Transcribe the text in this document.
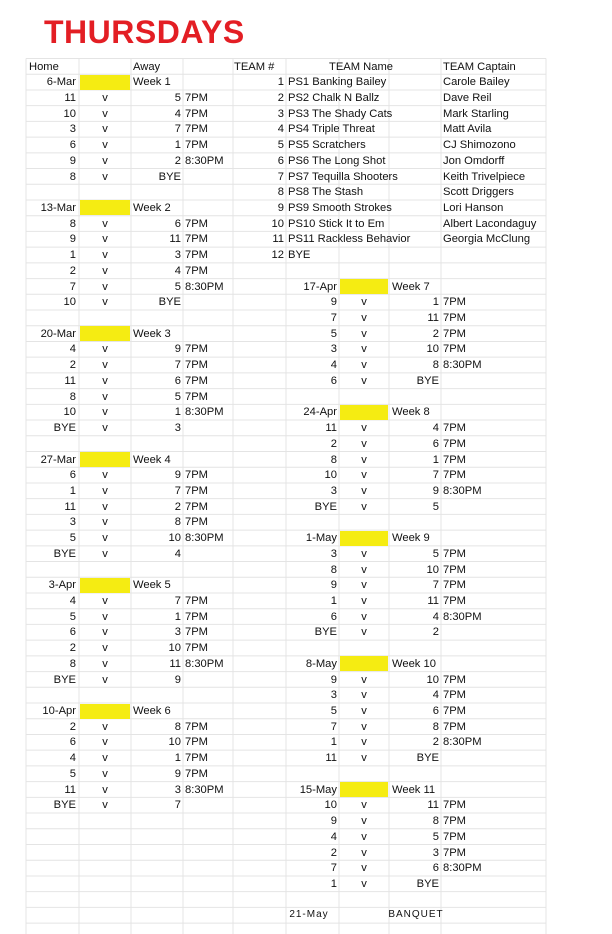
THURSDAYS
Home	Away	TEAM #	TEAM Name	TEAM Captain
1 PS1 Banking Bailey	Carole Bailey
2 PS2 Chalk N Ballz	Dave Reil
3 PS3 The Shady Cats	Mark Starling
4 PS4 Triple Threat	Matt Avila
5 PS5 Scratchers	CJ Shimozono
6 PS6 The Long Shot	Jon Omdorff
7 PS7 Tequilla Shooters	Keith Trivelpiece
8 PS8 The Stash	Scott Driggers
9 PS9 Smooth Strokes	Lori Hanson
10 PS10 Stick It to Em	Albert Lacondaguy
11 PS11 Rackless Behavior	Georgia McClung
12 BYE
6-Mar	Week 1
11	v	5 7PM
10	v	4 7PM
3	v	7 7PM
6	v	1 7PM
9	v	2 8:30PM
8	v	BYE
13-Mar	Week 2
8	v	6 7PM
9	v	11 7PM
1	v	3 7PM
2	v	4 7PM
7	v	5 8:30PM
10	v	BYE
20-Mar	Week 3
4	v	9 7PM
2	v	7 7PM
11	v	6 7PM
8	v	5 7PM
10	v	1 8:30PM
BYE	v	3
27-Mar	Week 4
6	v	9 7PM
1	v	7 7PM
11	v	2 7PM
3	v	8 7PM
5	v	10 8:30PM
BYE	v	4
3-Apr	Week 5
4	v	7 7PM
5	v	1 7PM
6	v	3 7PM
2	v	10 7PM
8	v	11 8:30PM
BYE	v	9
10-Apr	Week 6
2	v	8 7PM
6	v	10 7PM
4	v	1 7PM
5	v	9 7PM
11	v	3 8:30PM
BYE	v	7
17-Apr	Week 7
9	v	1 7PM
7	v	11 7PM
5	v	2 7PM
3	v	10 7PM
4	v	8 8:30PM
6	v	BYE
24-Apr	Week 8
11	v	4 7PM
2	v	6 7PM
8	v	1 7PM
10	v	7 7PM
3	v	9 8:30PM
BYE	v	5
1-May	Week 9
3	v	5 7PM
8	v	10 7PM
9	v	7 7PM
1	v	11 7PM
6	v	4 8:30PM
BYE	v	2
8-May	Week 10
9	v	10 7PM
3	v	4 7PM
5	v	6 7PM
7	v	8 7PM
1	v	2 8:30PM
11	v	BYE
15-May	Week 11
10	v	11 7PM
9	v	8 7PM
4	v	5 7PM
2	v	3 7PM
7	v	6 8:30PM
1	v	BYE
21-May	BANQUET
